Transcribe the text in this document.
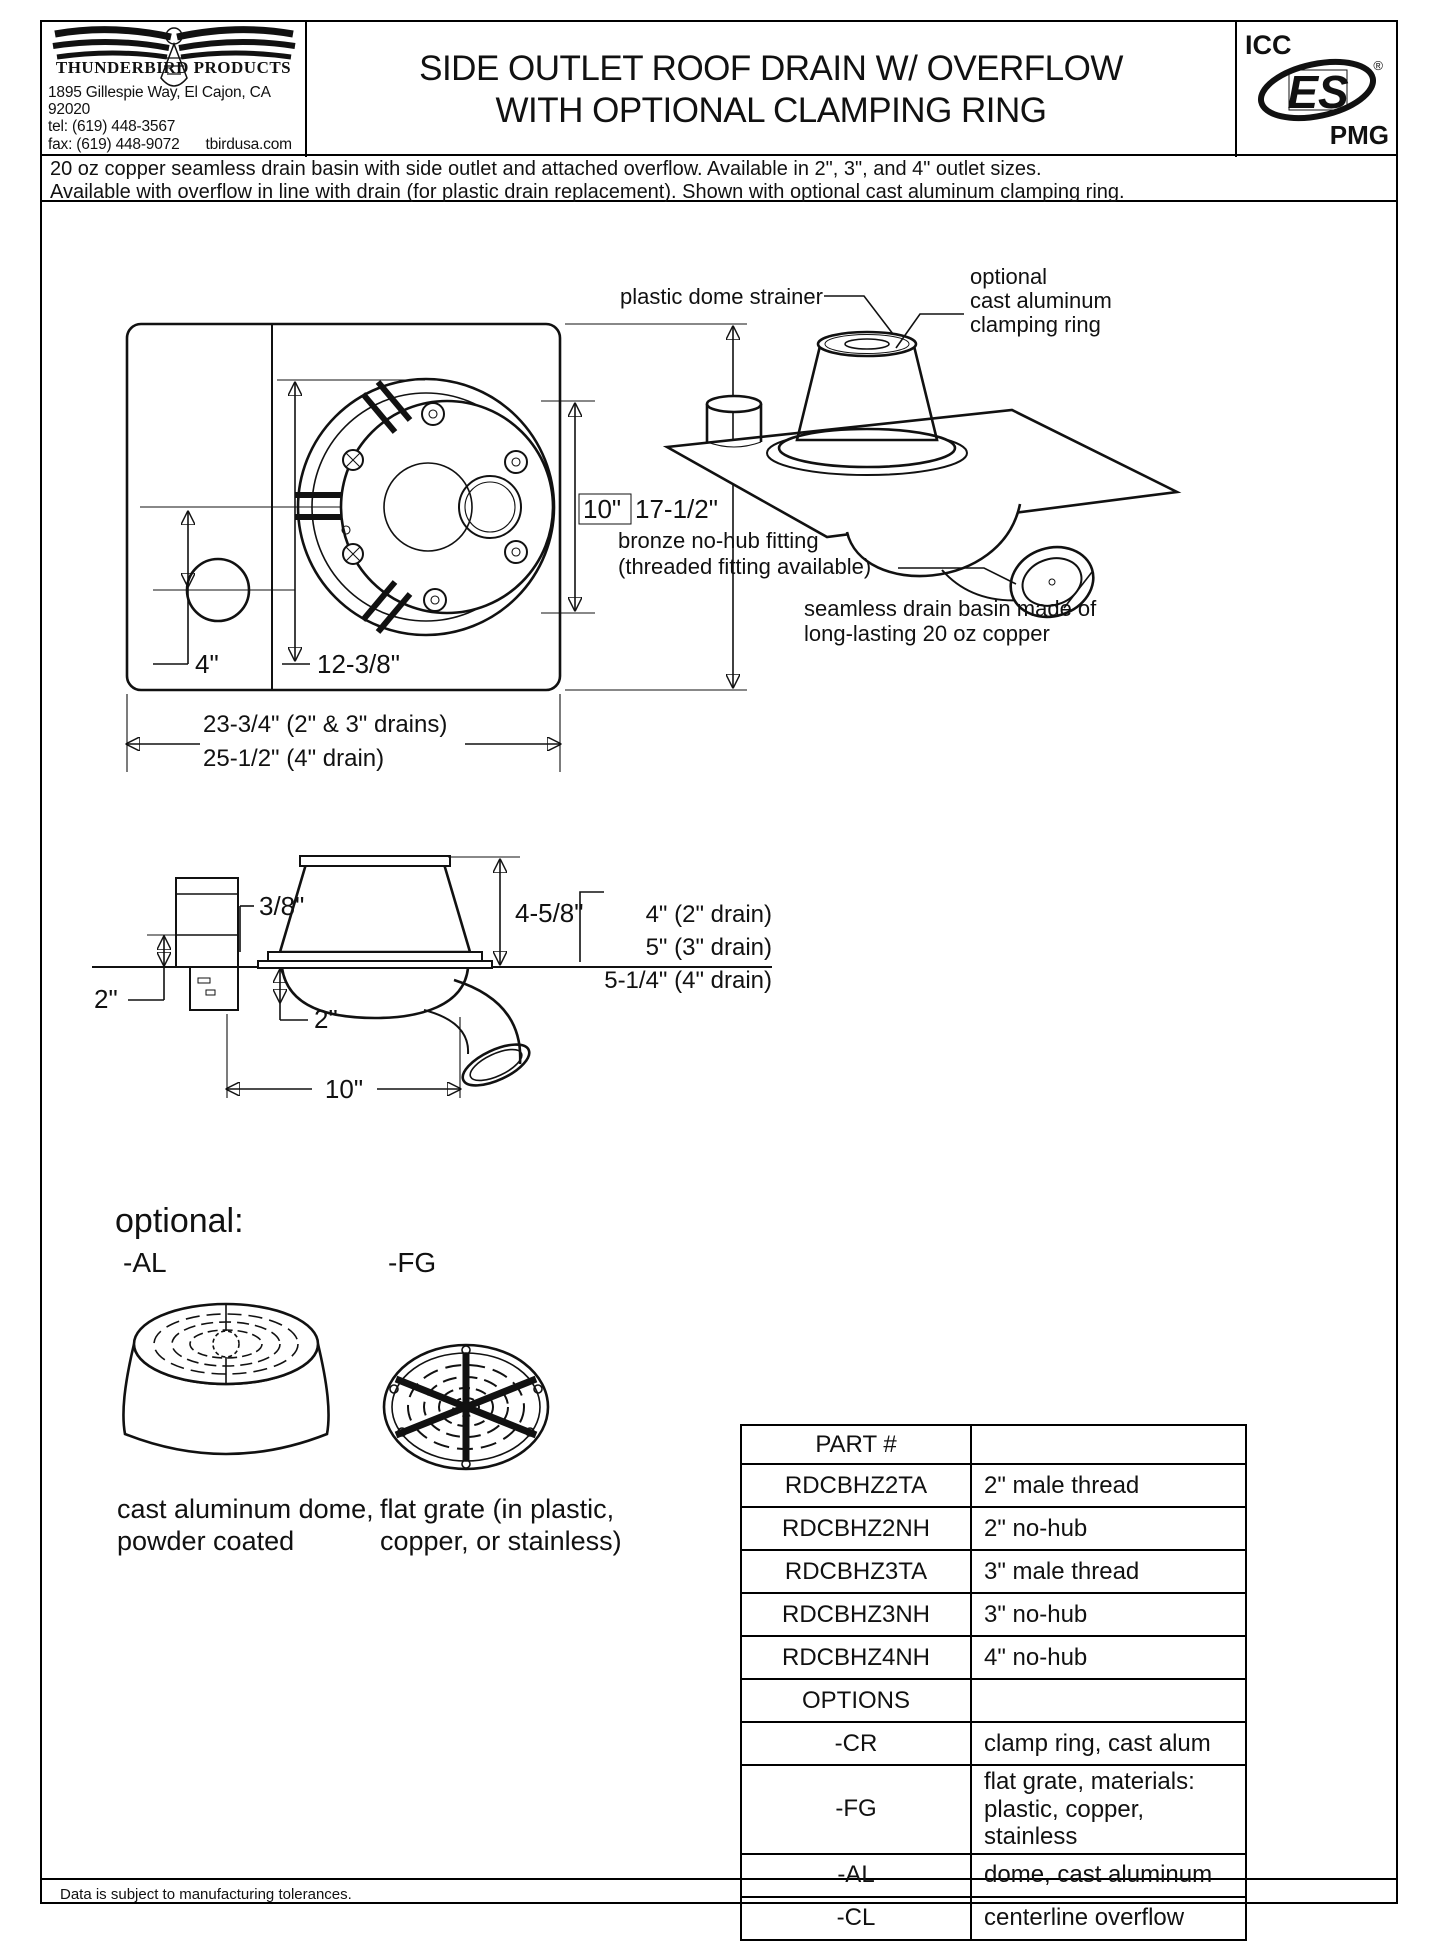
THUNDERBIRD PRODUCTS
1895 Gillespie Way, El Cajon, CA 92020
tel: (619) 448-3567
fax: (619) 448-9072 tbirdusa.com
SIDE OUTLET ROOF DRAIN W/ OVERFLOW
WITH OPTIONAL CLAMPING RING
ICC
ES
®
PMG
20 oz copper seamless drain basin with side outlet and attached overflow. Available in 2", 3", and 4" outlet sizes.
Available with overflow in line with drain (for plastic drain replacement). Shown with optional cast aluminum clamping ring.
4"	12-3/8"
10" 17-1/2"
23-3/4" (2" & 3" drains)
25-1/2" (4" drain)
plastic dome strainer
optional
cast aluminum
clamping ring
bronze no-hub fitting
(threaded fitting available)
seamless drain basin made of
long-lasting 20 oz copper
3/8"	4-5/8"	4" (2" drain)
5" (3" drain)
5-1/4" (4" drain)
2"
2"
10"
optional:
-AL	-FG
cast aluminum dome,
powder coated
flat grate (in plastic,
copper, or stainless)
PART #	
RDCBHZ2TA	2" male thread
RDCBHZ2NH	2" no-hub
RDCBHZ3TA	3" male thread
RDCBHZ3NH	3" no-hub
RDCBHZ4NH	4" no-hub
OPTIONS	
-CR	clamp ring, cast alum
-FG	flat grate, materials: plastic, copper, stainless
-AL	dome, cast aluminum
-CL	centerline overflow
Data is subject to manufacturing tolerances.
